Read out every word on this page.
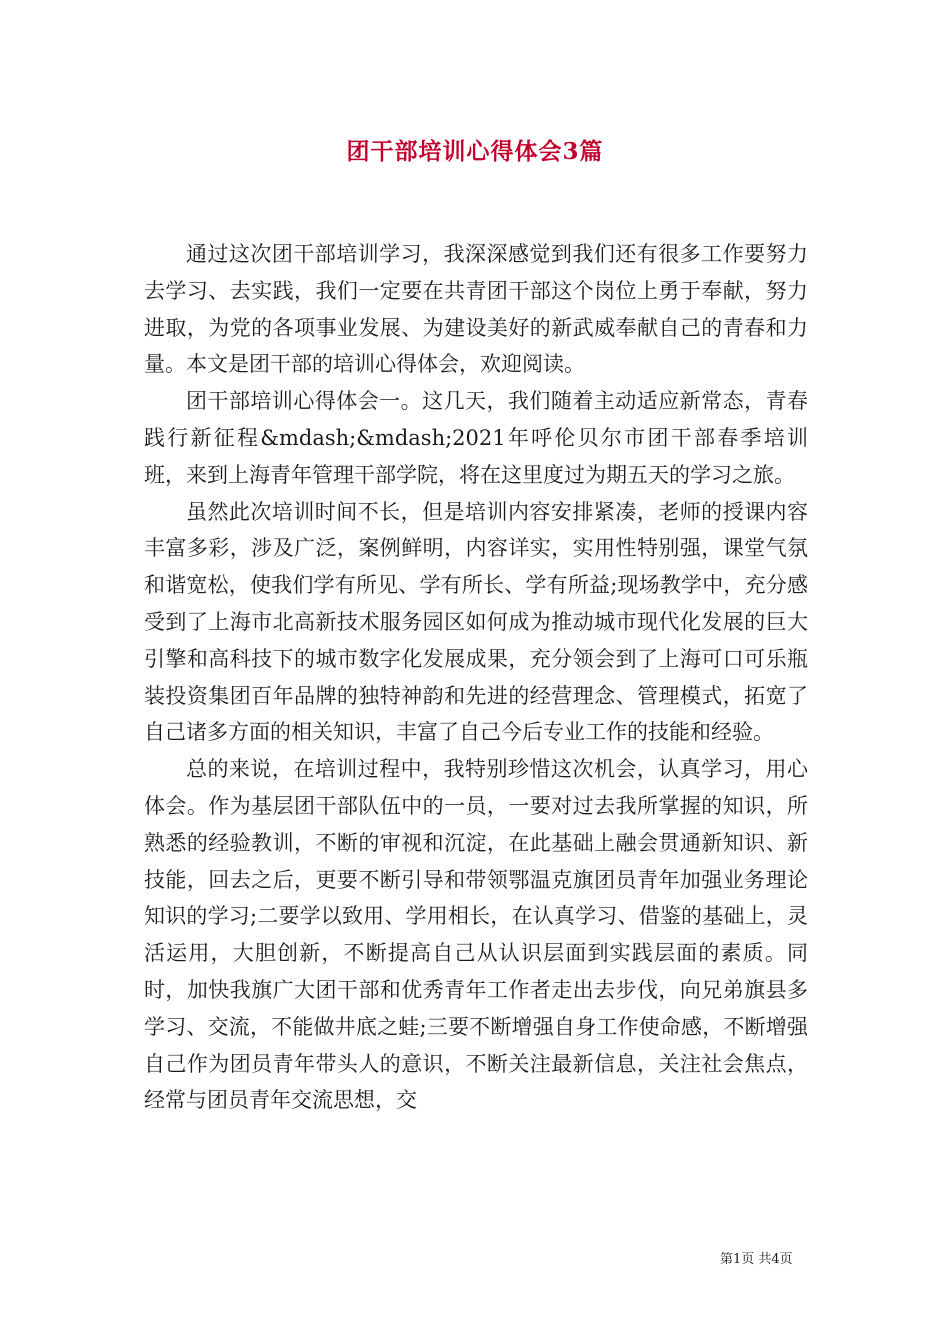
团干部培训心得体会3篇

通过这次团干部培训学习，我深深感觉到我们还有很多工作要努力去学习、去实践，我们一定要在共青团干部这个岗位上勇于奉献，努力进取，为党的各项事业发展、为建设美好的新武威奉献自己的青春和力量。本文是团干部的培训心得体会，欢迎阅读。

团干部培训心得体会一。这几天，我们随着主动适应新常态，青春践行新征程&mdash;&mdash;2021年呼伦贝尔市团干部春季培训班，来到上海青年管理干部学院，将在这里度过为期五天的学习之旅。

虽然此次培训时间不长，但是培训内容安排紧凑，老师的授课内容丰富多彩，涉及广泛，案例鲜明，内容详实，实用性特别强，课堂气氛和谐宽松，使我们学有所见、学有所长、学有所益;现场教学中，充分感受到了上海市北高新技术服务园区如何成为推动城市现代化发展的巨大引擎和高科技下的城市数字化发展成果，充分领会到了上海可口可乐瓶装投资集团百年品牌的独特神韵和先进的经营理念、管理模式，拓宽了自己诸多方面的相关知识，丰富了自己今后专业工作的技能和经验。

总的来说，在培训过程中，我特别珍惜这次机会，认真学习，用心体会。作为基层团干部队伍中的一员，一要对过去我所掌握的知识，所熟悉的经验教训，不断的审视和沉淀，在此基础上融会贯通新知识、新技能，回去之后，更要不断引导和带领鄂温克旗团员青年加强业务理论知识的学习;二要学以致用、学用相长，在认真学习、借鉴的基础上，灵活运用，大胆创新，不断提高自己从认识层面到实践层面的素质。同时，加快我旗广大团干部和优秀青年工作者走出去步伐，向兄弟旗县多学习、交流，不能做井底之蛙;三要不断增强自身工作使命感，不断增强自己作为团员青年带头人的意识，不断关注最新信息，关注社会焦点，经常与团员青年交流思想，交

第1页 共4页
